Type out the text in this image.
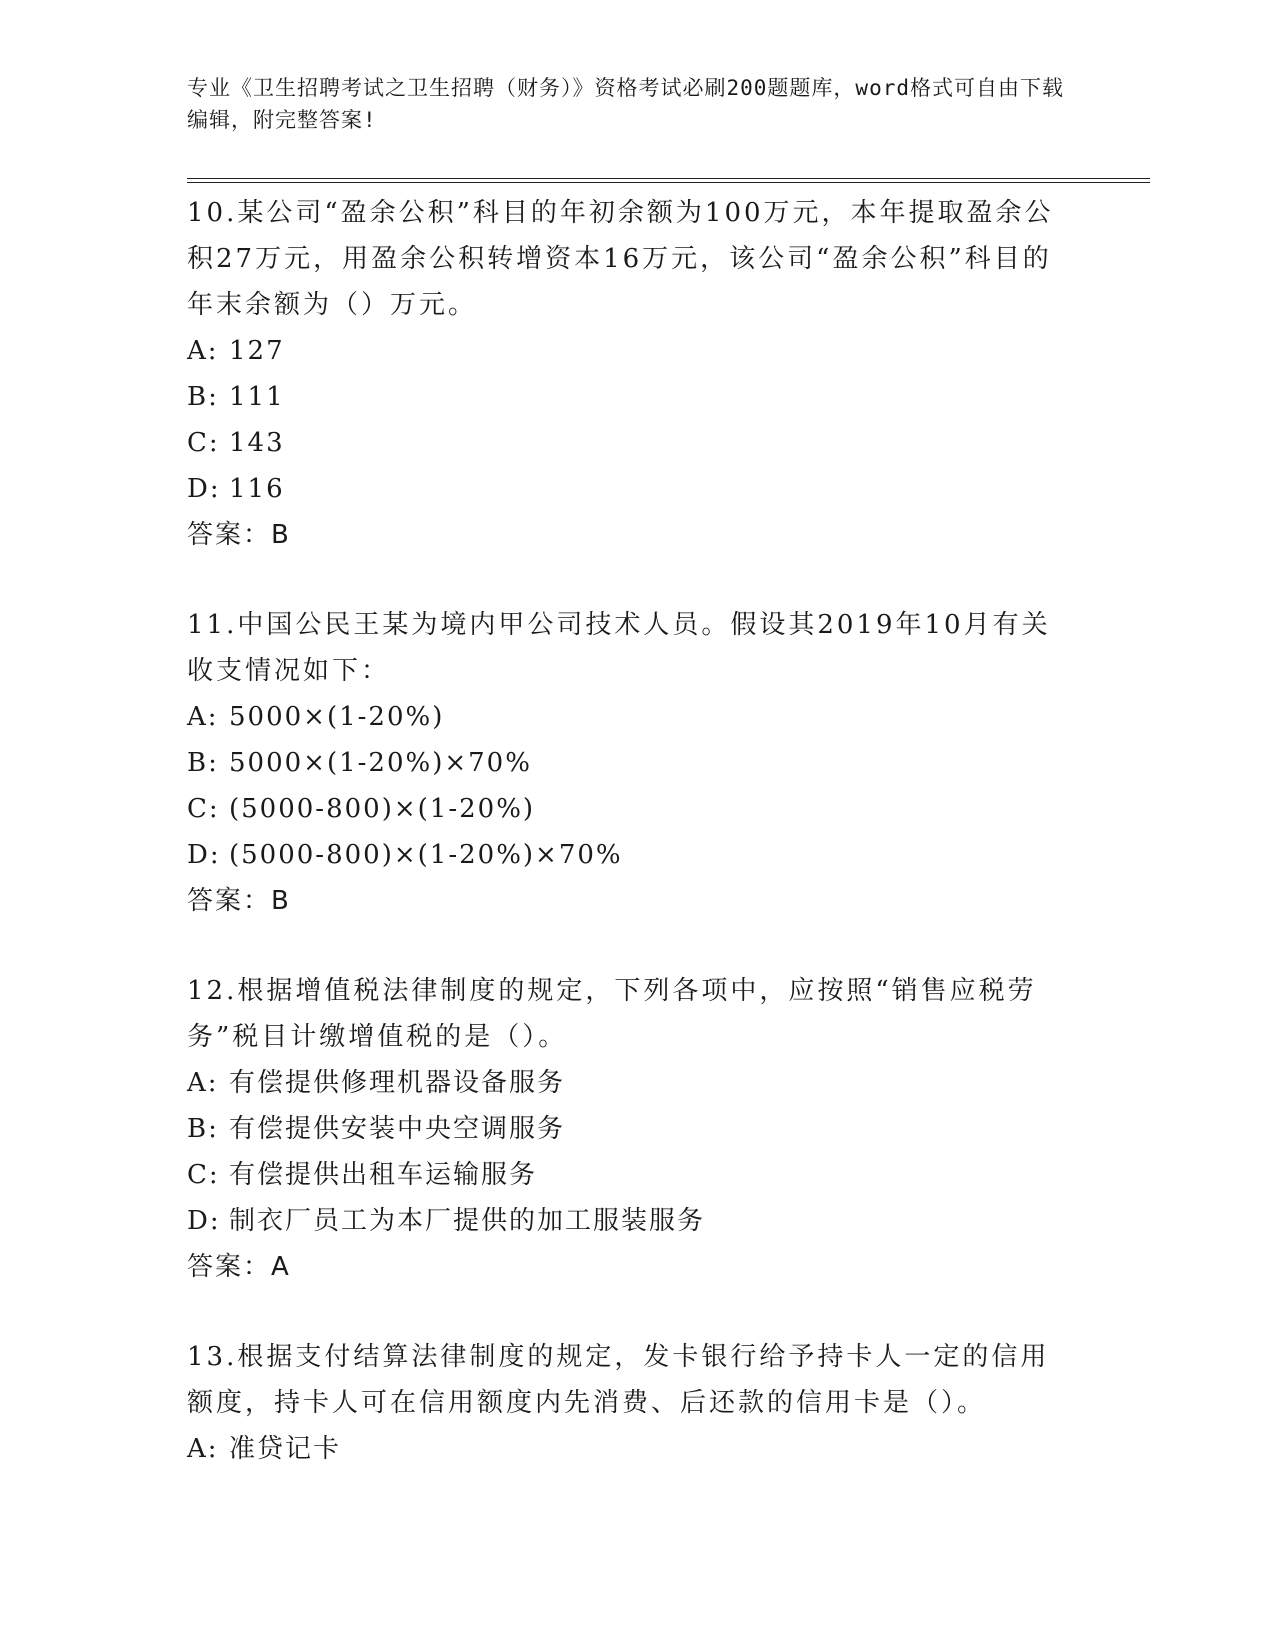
专业《卫生招聘考试之卫生招聘（财务）》资格考试必刷200题题库，word格式可自由下载编辑，附完整答案!
10.某公司“盈余公积”科目的年初余额为100万元，本年提取盈余公积27万元，用盈余公积转增资本16万元，该公司“盈余公积”科目的年末余额为（）万元。
A: 127
B: 111
C: 143
D: 116
答案：B
11.中国公民王某为境内甲公司技术人员。假设其2019年10月有关收支情况如下：
A: 5000×(1-20%)
B: 5000×(1-20%)×70%
C: (5000-800)×(1-20%)
D: (5000-800)×(1-20%)×70%
答案：B
12.根据增值税法律制度的规定，下列各项中，应按照“销售应税劳务”税目计缴增值税的是（）。
A: 有偿提供修理机器设备服务
B: 有偿提供安装中央空调服务
C: 有偿提供出租车运输服务
D: 制衣厂员工为本厂提供的加工服装服务
答案：A
13.根据支付结算法律制度的规定，发卡银行给予持卡人一定的信用额度，持卡人可在信用额度内先消费、后还款的信用卡是（）。
A: 准贷记卡
